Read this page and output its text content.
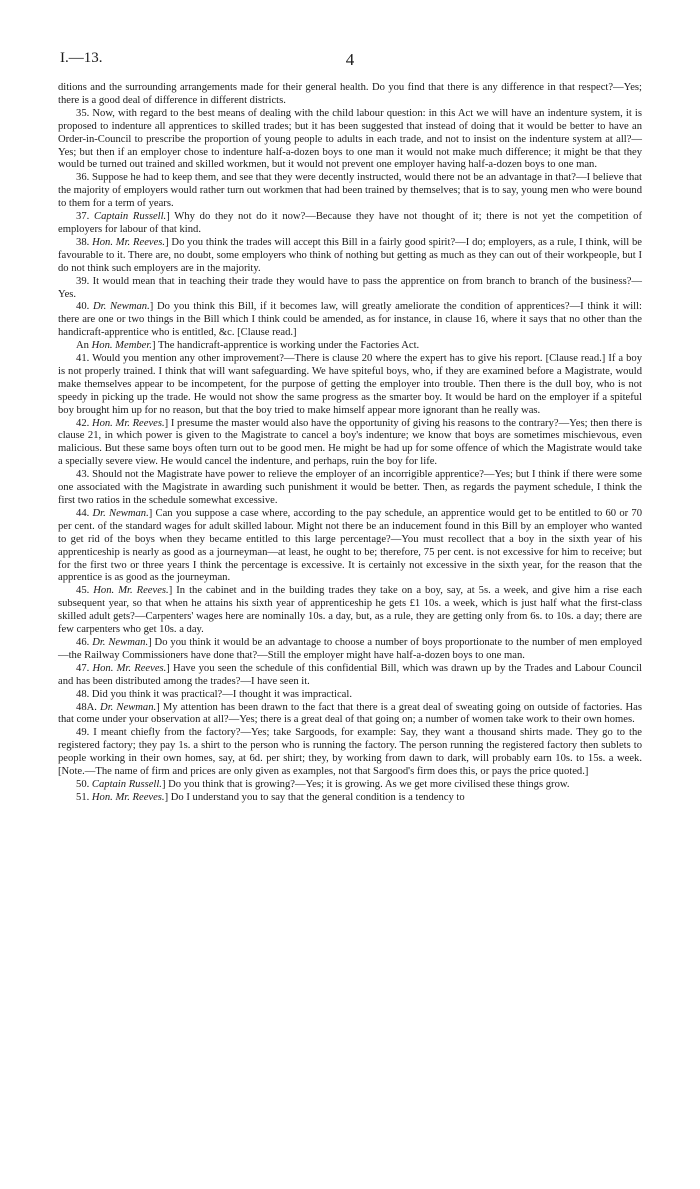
I.—13.	4

ditions and the surrounding arrangements made for their general health. Do you find that there is any difference in that respect?—Yes; there is a good deal of difference in different districts.

35. Now, with regard to the best means of dealing with the child labour question: in this Act we will have an indenture system, it is proposed to indenture all apprentices to skilled trades; but it has been suggested that instead of doing that it would be better to have an Order-in-Council to prescribe the proportion of young people to adults in each trade, and not to insist on the indenture system at all?—Yes; but then if an employer chose to indenture half-a-dozen boys to one man it would not make much difference; it might be that they would be turned out trained and skilled workmen, but it would not prevent one employer having half-a-dozen boys to one man.

36. Suppose he had to keep them, and see that they were decently instructed, would there not be an advantage in that?—I believe that the majority of employers would rather turn out workmen that had been trained by themselves; that is to say, young men who were bound to them for a term of years.

37. Captain Russell.] Why do they not do it now?—Because they have not thought of it; there is not yet the competition of employers for labour of that kind.

38. Hon. Mr. Reeves.] Do you think the trades will accept this Bill in a fairly good spirit?—I do; employers, as a rule, I think, will be favourable to it. There are, no doubt, some employers who think of nothing but getting as much as they can out of their workpeople, but I do not think such employers are in the majority.

39. It would mean that in teaching their trade they would have to pass the apprentice on from branch to branch of the business?—Yes.

40. Dr. Newman.] Do you think this Bill, if it becomes law, will greatly ameliorate the condition of apprentices?—I think it will: there are one or two things in the Bill which I think could be amended, as for instance, in clause 16, where it says that no other than the handicraft-apprentice who is entitled, &c. [Clause read.]

An Hon. Member.] The handicraft-apprentice is working under the Factories Act.

41. Would you mention any other improvement?—There is clause 20 where the expert has to give his report. [Clause read.] If a boy is not properly trained. I think that will want safeguarding. We have spiteful boys, who, if they are examined before a Magistrate, would make themselves appear to be incompetent, for the purpose of getting the employer into trouble. Then there is the dull boy, who is not speedy in picking up the trade. He would not show the same progress as the smarter boy. It would be hard on the employer if a spiteful boy brought him up for no reason, but that the boy tried to make himself appear more ignorant than he really was.

42. Hon. Mr. Reeves.] I presume the master would also have the opportunity of giving his reasons to the contrary?—Yes; then there is clause 21, in which power is given to the Magistrate to cancel a boy's indenture; we know that boys are sometimes mischievous, even malicious. But these same boys often turn out to be good men. He might be had up for some offence of which the Magistrate would take a specially severe view. He would cancel the indenture, and perhaps, ruin the boy for life.

43. Should not the Magistrate have power to relieve the employer of an incorrigible apprentice?—Yes; but I think if there were some one associated with the Magistrate in awarding such punishment it would be better. Then, as regards the payment schedule, I think the first two ratios in the schedule somewhat excessive.

44. Dr. Newman.] Can you suppose a case where, according to the pay schedule, an apprentice would get to be entitled to 60 or 70 per cent. of the standard wages for adult skilled labour. Might not there be an inducement found in this Bill by an employer who wanted to get rid of the boys when they became entitled to this large percentage?—You must recollect that a boy in the sixth year of his apprenticeship is nearly as good as a journeyman—at least, he ought to be; therefore, 75 per cent. is not excessive for him to receive; but for the first two or three years I think the percentage is excessive. It is certainly not excessive in the sixth year, for the reason that the apprentice is as good as the journeyman.

45. Hon. Mr. Reeves.] In the cabinet and in the building trades they take on a boy, say, at 5s. a week, and give him a rise each subsequent year, so that when he attains his sixth year of apprenticeship he gets £1 10s. a week, which is just half what the first-class skilled adult gets?—Carpenters' wages here are nominally 10s. a day, but, as a rule, they are getting only from 6s. to 10s. a day; there are few carpenters who get 10s. a day.

46. Dr. Newman.] Do you think it would be an advantage to choose a number of boys proportionate to the number of men employed—the Railway Commissioners have done that?—Still the employer might have half-a-dozen boys to one man.

47. Hon. Mr. Reeves.] Have you seen the schedule of this confidential Bill, which was drawn up by the Trades and Labour Council and has been distributed among the trades?—I have seen it.

48. Did you think it was practical?—I thought it was impractical.

48A. Dr. Newman.] My attention has been drawn to the fact that there is a great deal of sweating going on outside of factories. Has that come under your observation at all?—Yes; there is a great deal of that going on; a number of women take work to their own homes.

49. I meant chiefly from the factory?—Yes; take Sargoods, for example: Say, they want a thousand shirts made. They go to the registered factory; they pay 1s. a shirt to the person who is running the factory. The person running the registered factory then sublets to people working in their own homes, say, at 6d. per shirt; they, by working from dawn to dark, will probably earn 10s. to 15s. a week. [Note.—The name of firm and prices are only given as examples, not that Sargood's firm does this, or pays the price quoted.]

50. Captain Russell.] Do you think that is growing?—Yes; it is growing. As we get more civilised these things grow.

51. Hon. Mr. Reeves.] Do I understand you to say that the general condition is a tendency to
